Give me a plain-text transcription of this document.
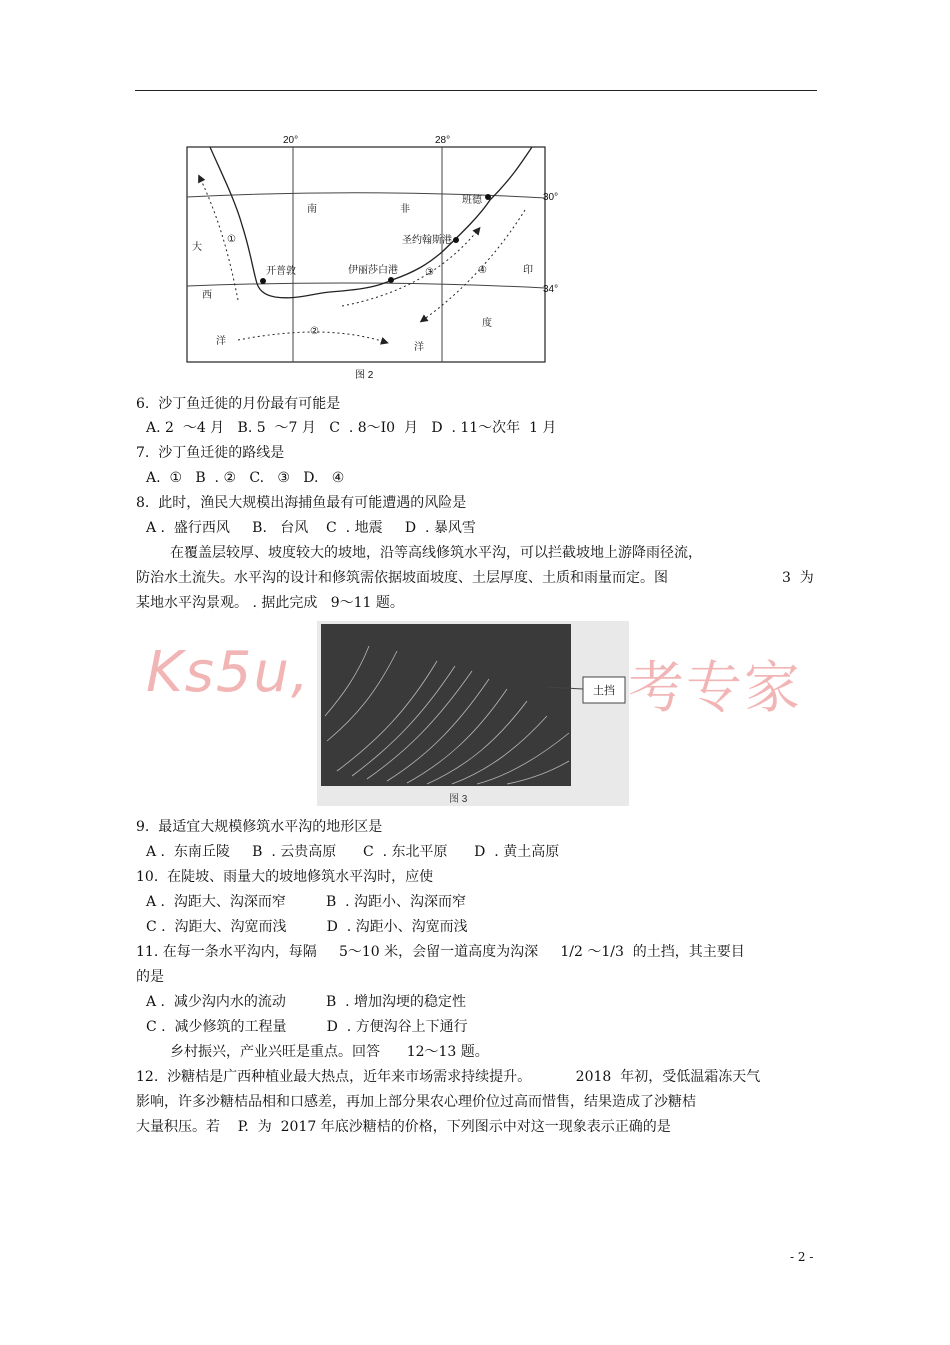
20°	28°
30°
34°
班德
圣约翰斯港
开普敦	伊丽莎白港
南	非
大
西
洋
印
度
洋
①
②
③	④
图 2
6.  沙丁鱼迁徙的月份最有可能是
A. 2  ～4 月   B. 5  ～7 月   C  . 8～I0  月   D  . 11～次年  1 月
7.  沙丁鱼迁徙的路线是
A.  ①   B  . ②   C.   ③   D.   ④
8.  此时，渔民大规模出海捕鱼最有可能遭遇的风险是
A .  盛行西风     B.   台风    C  . 地震     D  . 暴风雪
在覆盖层较厚、坡度较大的坡地，沿等高线修筑水平沟，可以拦截坡地上游降雨径流，
防治水土流失。水平沟的设计和修筑需依据坡面坡度、土层厚度、土质和雨量而定。图	3  为
某地水平沟景观。 . 据此完成   9～11 题。
土挡
图 3
Ks5u,	考专家
9.  最适宜大规模修筑水平沟的地形区是
A .  东南丘陵     B  . 云贵高原      C  . 东北平原      D  . 黄土高原
10.  在陡坡、雨量大的坡地修筑水平沟时，应使
A .  沟距大、沟深而窄         B  . 沟距小、沟深而窄
C .  沟距大、沟宽而浅         D  . 沟距小、沟宽而浅
11. 在每一条水平沟内，每隔     5～10 米，会留一道高度为沟深     1/2 ～1/3  的土挡，其主要目
的是
A .  减少沟内水的流动         B  . 增加沟埂的稳定性
C .  减少修筑的工程量         D  . 方便沟谷上下通行
乡村振兴，产业兴旺是重点。回答      12～13 题。
12.  沙糖桔是广西种植业最大热点，近年来市场需求持续提升。          2018  年初，受低温霜冻天气
影响，许多沙糖桔品相和口感差，再加上部分果农心理价位过高而惜售，结果造成了沙糖桔
大量积压。若    P.  为  2017 年底沙糖桔的价格，下列图示中对这一现象表示正确的是
- 2 -
